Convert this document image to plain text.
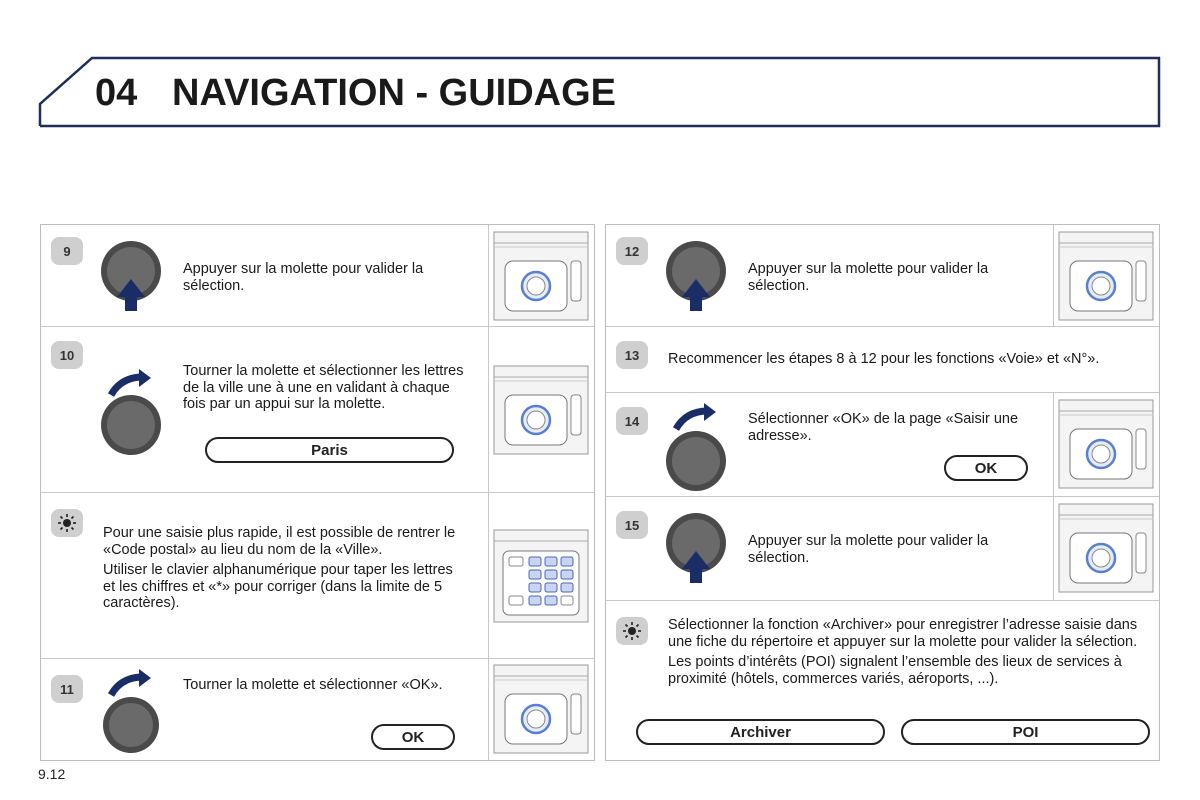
04 NAVIGATION - GUIDAGE
9
Appuyer sur la molette pour valider la sélection.
10
Tourner la molette et sélectionner les lettres de la ville une à une en validant à chaque fois par un appui sur la molette.
Paris

Pour une saisie plus rapide, il est possible de rentrer le «Code postal» au lieu du nom de la «Ville».

Utiliser le clavier alphanumérique pour taper les lettres et les chiffres et «*» pour corriger (dans la limite de 5 caractères).

11	Tourner la molette et sélectionner «OK».
OK
12
Appuyer sur la molette pour valider la sélection.
13	Recommencer les étapes 8 à 12 pour les fonctions «Voie» et «N°».
14	Sélectionner «OK» de la page «Saisir une adresse».
OK
15
Appuyer sur la molette pour valider la sélection.

Sélectionner la fonction «Archiver» pour enregistrer l’adresse saisie dans une fiche du répertoire et appuyer sur la molette pour valider la sélection.

Les points d’intérêts (POI) signalent l’ensemble des lieux de services à proximité (hôtels, commerces variés, aéroports, ...).

Archiver	POI
9.12
